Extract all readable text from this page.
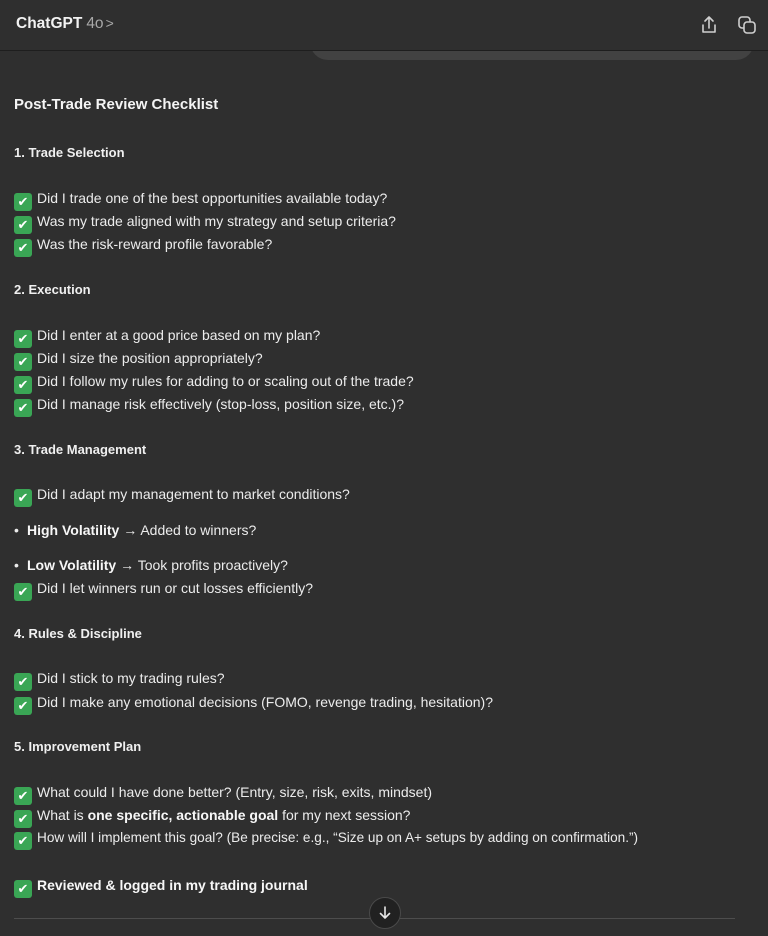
ChatGPT 4o >
Post-Trade Review Checklist
1. Trade Selection
✔ Did I trade one of the best opportunities available today?
✔ Was my trade aligned with my strategy and setup criteria?
✔ Was the risk-reward profile favorable?
2. Execution
✔ Did I enter at a good price based on my plan?
✔ Did I size the position appropriately?
✔ Did I follow my rules for adding to or scaling out of the trade?
✔ Did I manage risk effectively (stop-loss, position size, etc.)?
3. Trade Management
✔ Did I adapt my management to market conditions?
• High Volatility → Added to winners?
• Low Volatility → Took profits proactively?
✔ Did I let winners run or cut losses efficiently?
4. Rules & Discipline
✔ Did I stick to my trading rules?
✔ Did I make any emotional decisions (FOMO, revenge trading, hesitation)?
5. Improvement Plan
✔ What could I have done better? (Entry, size, risk, exits, mindset)
✔ What is one specific, actionable goal for my next session?
✔ How will I implement this goal? (Be precise: e.g., “Size up on A+ setups by adding on confirmation.”)
✔ Reviewed & logged in my trading journal
